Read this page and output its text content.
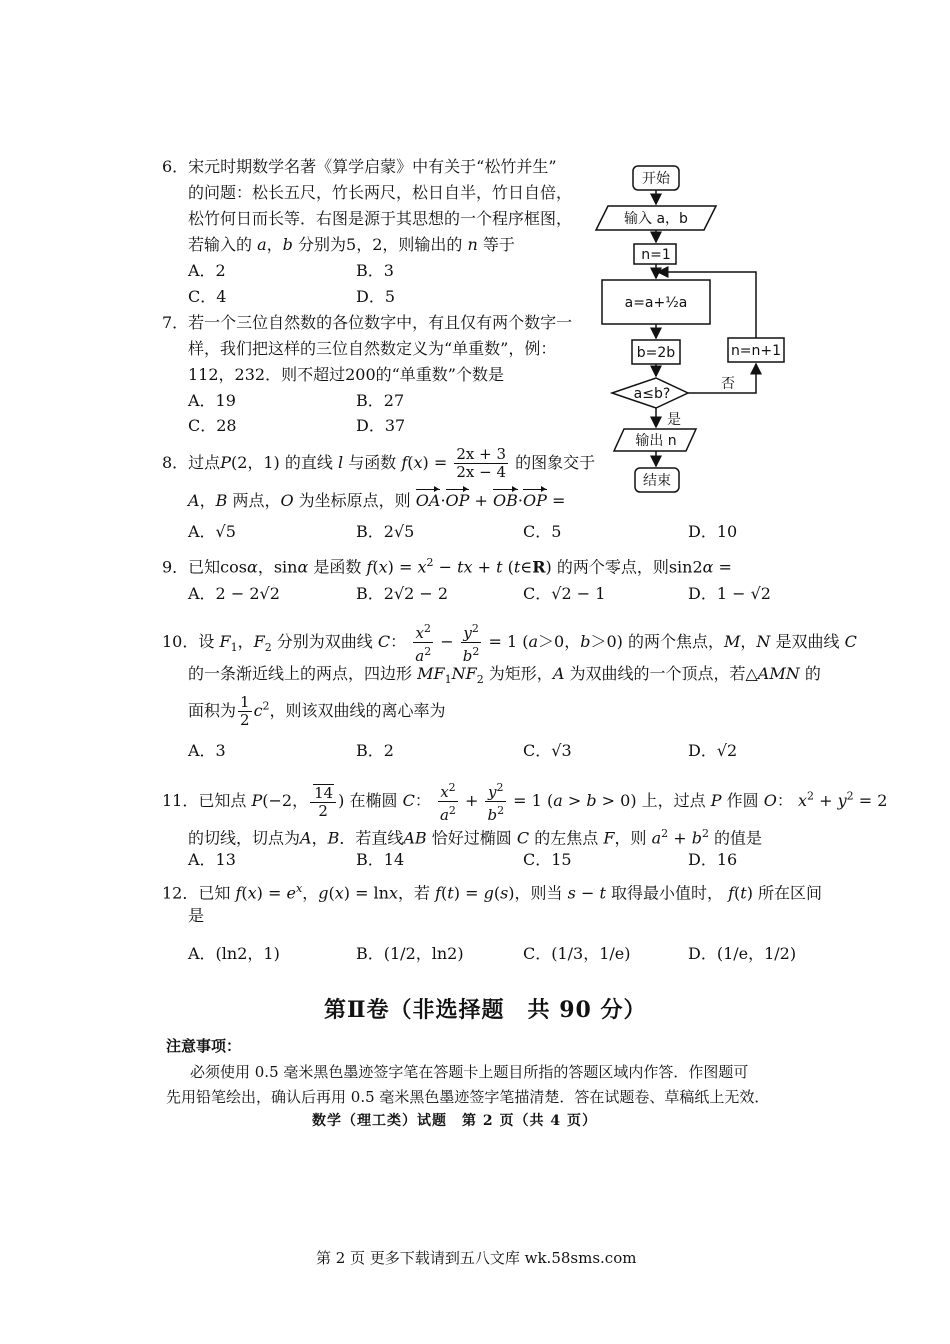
6．宋元时期数学名著《算学启蒙》中有关于“松竹并生”
的问题：松长五尺，竹长两尺，松日自半，竹日自倍，
松竹何日而长等．右图是源于其思想的一个程序框图，
若输入的 a，b 分别为5，2，则输出的 n 等于
A．2	B．3
C．4	D．5
7．若一个三位自然数的各位数字中，有且仅有两个数字一
样，我们把这样的三位自然数定义为“单重数”，例：
112，232．则不超过200的“单重数”个数是
A．19	B．27
C．28	D．37
8．过点P(2，1) 的直线 l 与函数 $f(x) = \frac{2x + 3}{2x - 4}$ 的图象交于
A，B 两点，O 为坐标原点，则 OA·OP + OB·OP =
A．√5	B．2√5	C．5	D．10
9．已知cosα，sinα 是函数 $f(x) = x^2$ − tx + t (t∈R) 的两个零点，则sin2α =
A．2 − 2√2	B．2√2 − 2	C．√2 − 1	D．1 − √2
10．设 $F_1$，$F_2$ 分别为双曲线 C： $\frac{x^2}{a^2} - \frac{y^2}{b^2} = 1$ (a＞0，b＞0) 的两个焦点，M，N 是双曲线 C
的一条渐近线上的两点，四边形 $MF_1NF_2$ 为矩形，A 为双曲线的一个顶点，若△AMN 的
面积为 $\frac{1}{2} c^2$，则该双曲线的离心率为
A．3	B．2	C．√3	D．√2
11．已知点 P(−2， $\frac{14}{2}$ ) 在椭圆 C： $\frac{x^2}{a^2} + \frac{y^2}{b^2} = 1$ (a > b > 0) 上，过点 P 作圆 O： $x^2 + y^2 = 2$
的切线，切点为A，B．若直线AB 恰好过椭圆 C 的左焦点 F，则 $a^2 + b^2$ 的值是
A．13	B．14	C．15	D．16
12．已知 $f(x) = e^x$，g(x) = lnx，若 f(t) = g(s)，则当 s − t 取得最小值时， f(t) 所在区间
是
A．(ln2，1)	B．(1/2，ln2)	C．(1/3，1/e)	D．(1/e，1/2)
开始
输入 a，b
n=1
a=a+½a
b=2b
a≤b?
是
否
n=n+1
输出 n
结束
第Ⅱ卷（非选择题　共 90 分）
注意事项：
必须使用 0.5 毫米黑色墨迹签字笔在答题卡上题目所指的答题区域内作答．作图题可
先用铅笔绘出，确认后再用 0.5 毫米黑色墨迹签字笔描清楚．答在试题卷、草稿纸上无效．
数学（理工类）试题　第 2 页（共 4 页）
第 2 页 更多下载请到五八文库 wk.58sms.com
